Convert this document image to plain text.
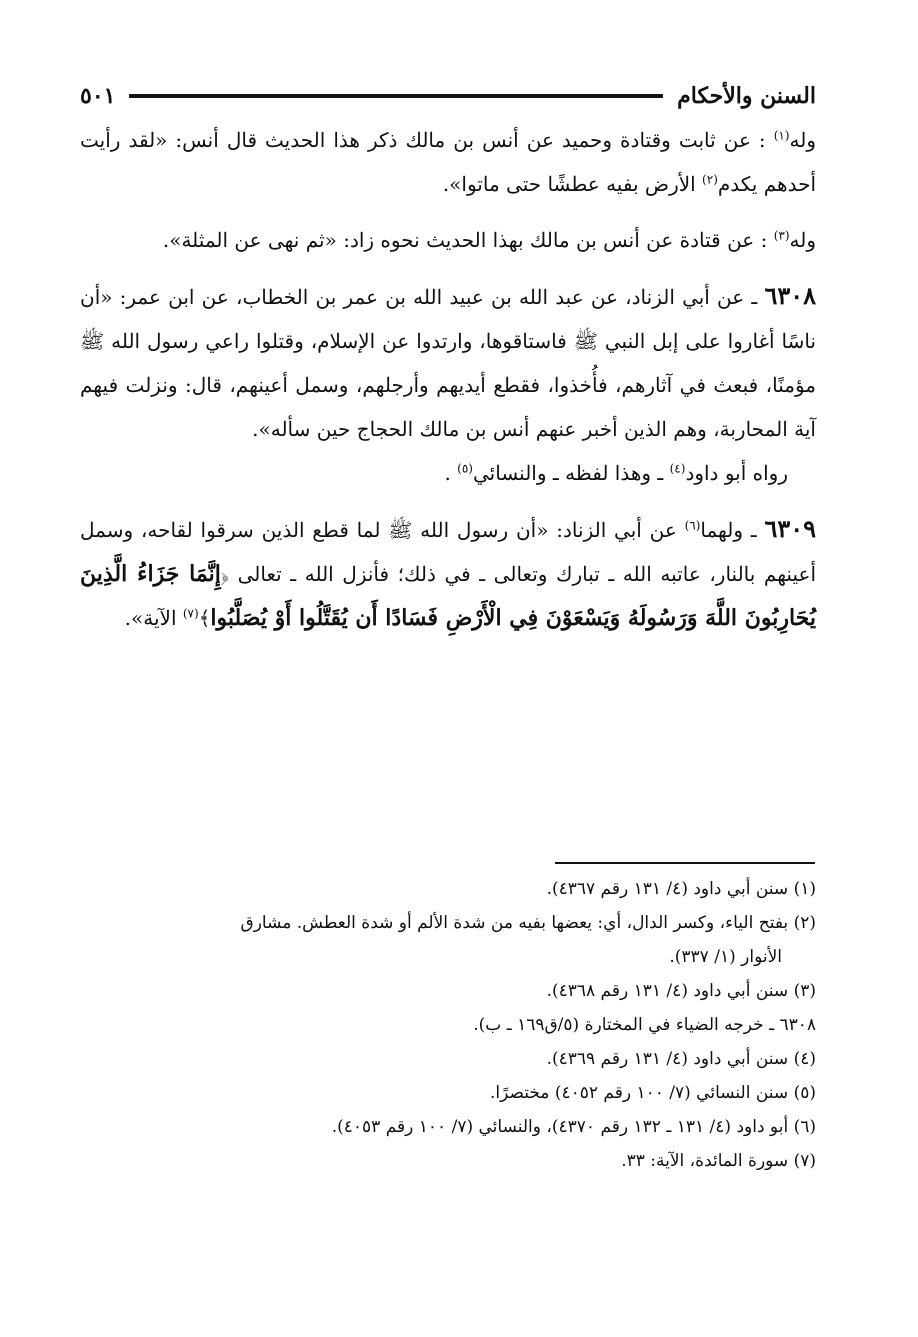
السنن والأحكام
٥٠١

وله$^{(١)}$ : عن ثابت وقتادة وحميد عن أنس بن مالك ذكر هذا الحديث قال أنس: «لقد رأيت أحدهم يكدم$^{(٢)}$ الأرض بفيه عطشًا حتى ماتوا».

وله$^{(٣)}$ : عن قتادة عن أنس بن مالك بهذا الحديث نحوه زاد: «ثم نهى عن المثلة».

٦٣٠٨ ـ عن أبي الزناد، عن عبد الله بن عبيد الله بن عمر بن الخطاب، عن ابن عمر: «أن ناسًا أغاروا على إبل النبي ﷺ فاستاقوها، وارتدوا عن الإسلام، وقتلوا راعي رسول الله ﷺ مؤمنًا، فبعث في آثارهم، فأُخذوا، فقطع أيديهم وأرجلهم، وسمل أعينهم، قال: ونزلت فيهم آية المحاربة، وهم الذين أخبر عنهم أنس بن مالك الحجاج حين سأله».

رواه أبو داود$^{(٤)}$ ـ وهذا لفظه ـ والنسائي$^{(٥)}$ .

٦٣٠٩ ـ ولهما$^{(٦)}$ عن أبي الزناد: «أن رسول الله ﷺ لما قطع الذين سرقوا لقاحه، وسمل أعينهم بالنار، عاتبه الله ـ تبارك وتعالى ـ في ذلك؛ فأنزل الله ـ تعالى ﴿إِنَّمَا جَزَاءُ الَّذِينَ يُحَارِبُونَ اللَّهَ وَرَسُولَهُ وَيَسْعَوْنَ فِي الْأَرْضِ فَسَادًا أَن يُقَتَّلُوا أَوْ يُصَلَّبُوا﴾$^{(٧)}$ الآية».

(١) سنن أبي داود (٤/ ١٣١ رقم ٤٣٦٧).

(٢) بفتح الياء، وكسر الدال، أي: يعضها بفيه من شدة الألم أو شدة العطش. مشارق

الأنوار (١/ ٣٣٧).

(٣) سنن أبي داود (٤/ ١٣١ رقم ٤٣٦٨).

٦٣٠٨ ـ خرجه الضياء في المختارة (٥/ق١٦٩ ـ ب).

(٤) سنن أبي داود (٤/ ١٣١ رقم ٤٣٦٩).

(٥) سنن النسائي (٧/ ١٠٠ رقم ٤٠٥٢) مختصرًا.

(٦) أبو داود (٤/ ١٣١ ـ ١٣٢ رقم ٤٣٧٠)، والنسائي (٧/ ١٠٠ رقم ٤٠٥٣).

(٧) سورة المائدة، الآية: ٣٣.
